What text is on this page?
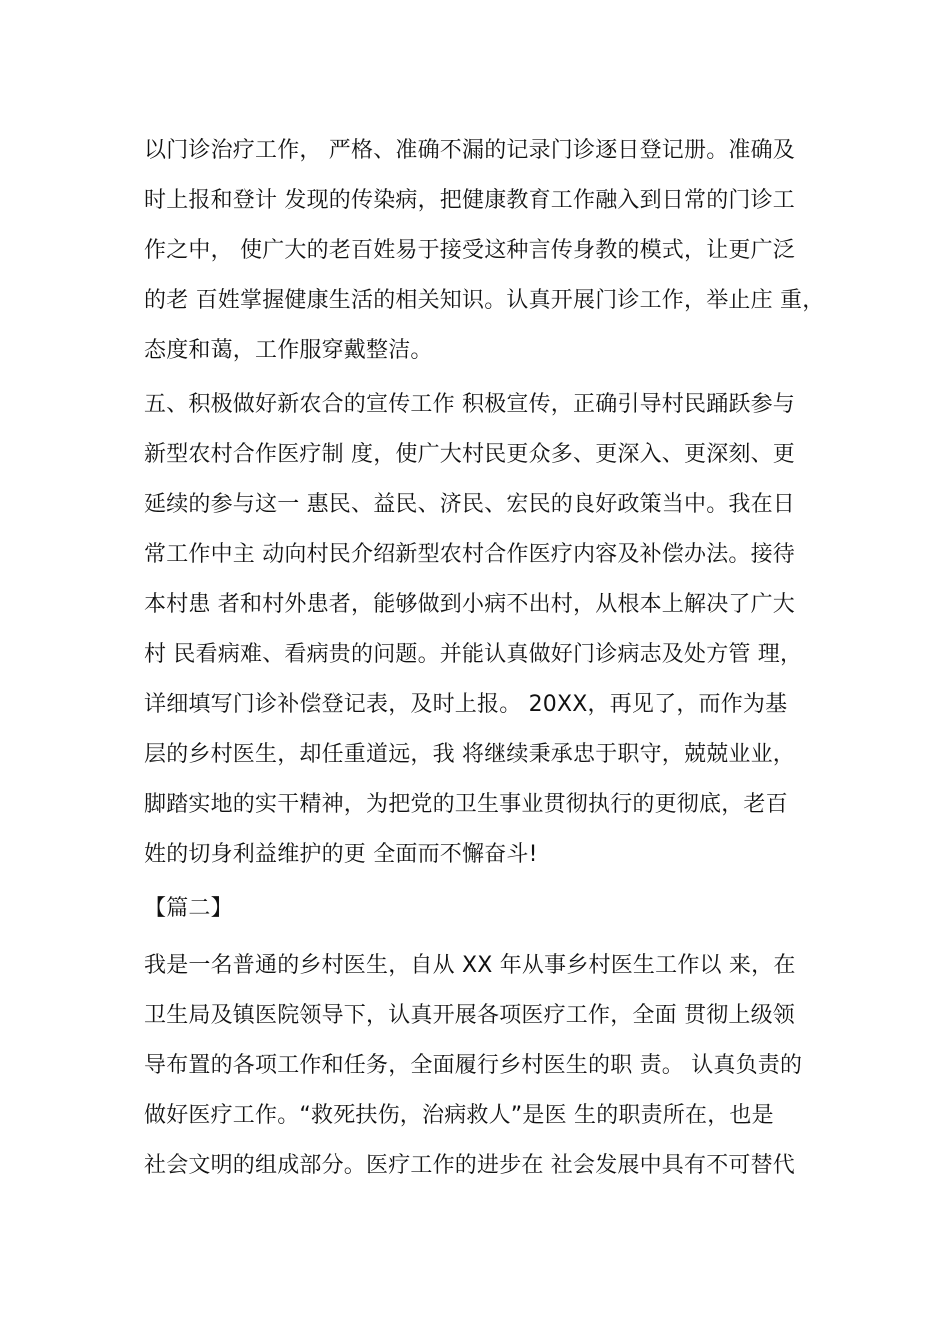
以门诊治疗工作， 严格、准确不漏的记录门诊逐日登记册。准确及
时上报和登计 发现的传染病，把健康教育工作融入到日常的门诊工
作之中， 使广大的老百姓易于接受这种言传身教的模式，让更广泛
的老 百姓掌握健康生活的相关知识。认真开展门诊工作，举止庄 重，
态度和蔼，工作服穿戴整洁。
五、积极做好新农合的宣传工作 积极宣传，正确引导村民踊跃参与
新型农村合作医疗制 度，使广大村民更众多、更深入、更深刻、更
延续的参与这一 惠民、益民、济民、宏民的良好政策当中。我在日
常工作中主 动向村民介绍新型农村合作医疗内容及补偿办法。接待
本村患 者和村外患者，能够做到小病不出村，从根本上解决了广大
村 民看病难、看病贵的问题。并能认真做好门诊病志及处方管 理，
详细填写门诊补偿登记表，及时上报。 20XX，再见了，而作为基
层的乡村医生，却任重道远，我 将继续秉承忠于职守，兢兢业业，
脚踏实地的实干精神，为把党的卫生事业贯彻执行的更彻底，老百
姓的切身利益维护的更 全面而不懈奋斗!
【篇二】
我是一名普通的乡村医生，自从 XX 年从事乡村医生工作以 来，在
卫生局及镇医院领导下，认真开展各项医疗工作，全面 贯彻上级领
导布置的各项工作和任务，全面履行乡村医生的职 责。 认真负责的
做好医疗工作。“救死扶伤，治病救人”是医 生的职责所在，也是
社会文明的组成部分。医疗工作的进步在 社会发展中具有不可替代
